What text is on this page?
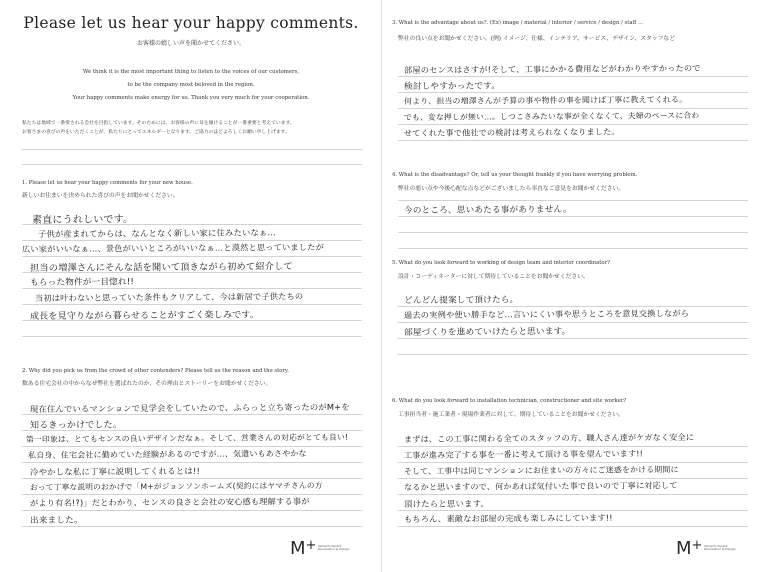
Please let us hear your happy comments.
お客様の嬉しい声を聞かせてください。
We think it is the most important thing to listen to the voices of our customers,
to be the company most beloved in the region.
Your happy comments make energy for us. Thank you very much for your cooperation.
私たちは地域で一番愛される会社を目指しています。そのためには、お客様の声に耳を傾けることが一番重要と考えています。
お客さまの喜びの声をいただくことが、私たちにとってエネルギーとなります。ご協力のほどよろしくお願い申し上げます。
1. Please let us hear your happy comments for your new house.
新しいお住まいを決められた喜びの声をお聞かせください。
素直にうれしいです。
子供が産まれてからは、なんとなく新しい家に住みたいなぁ…
広い家がいいなぁ…、景色がいいところがいいなぁ…と漠然と思っていましたが
担当の増澤さんにそんな話を聞いて頂きながら初めて紹介して
もらった物件が一目惚れ!!
当初は叶わないと思っていた条件もクリアして、今は新居で子供たちの
成長を見守りながら暮らせることがすごく楽しみです。
2. Why did you pick us from the crowd of other contenders? Please tell us the reason and the story.
数ある住宅会社の中からなぜ弊社を選ばれたのか、その理由とストーリーをお聞かせください。
現在住んでいるマンションで見学会をしていたので、ふらっと立ち寄ったのがM+を
知るきっかけでした。
第一印象は、とてもセンスの良いデザインだなぁ。そして、営業さんの対応がとても良い!
私自身、住宅会社に勤めていた経験があるのですが…、気遣いもあさやかな
冷やかしな私に丁寧に説明してくれるとは!!
おって丁寧な説明のおかげで「M+がジョンソンホームズ(契約にはヤマチさんの方
がより有名!?)」だとわかり、センスの良さと会社の安心感も理解する事が
出来ました。
M+ Yamachi Ascent
Renovation & Design
3. What is the advantage about us?. (Ex) image / material / interior / service / design / staff ...
弊社の良い点をお聞かせください。(例) イメージ、仕様、インテリア、サービス、デザイン、スタッフなど
部屋のセンスはさすが!そして、工事にかかる費用などがわかりやすかったので
検討しやすかったです。
何より、担当の増澤さんが予算の事や物件の事を聞けば丁寧に教えてくれる。
でも、変な押しが無い…。しつこさみたいな事が全くなくて、夫婦のペースに合わ
せてくれた事で他社での検討は考えられなくなりました。
4. What is the disadvantage? Or, tell us your thought frankly if you have worrying problem.
弊社の悪い点や今後心配な点などがございましたら率直なご意見をお聞かせください。
今のところ、思いあたる事がありません。
5. What do you look forward to working of design team and interior coordinator?
設計・コーディネーターに対して期待していることをお聞かせください。
どんどん提案して頂けたら。
過去の実例や使い勝手など…言いにくい事や思うところを意見交換しながら
部屋づくりを進めていけたらと思います。
6. What do you look forward to installation technician, constructioner and site worker?
工事担当者・施工業者・現場作業者に対して、期待していることをお聞かせください。
まずは、この工事に関わる全てのスタッフの方、職人さん達がケガなく安全に
工事が進み完了する事を一番に考えて頂ける事を望んでいます!!
そして、工事中は同じマンションにお住まいの方々にご迷惑をかける期間に
なるかと思いますので、何かあれば気付いた事で良いので丁寧に対応して
頂けたらと思います。
もちろん、素敵なお部屋の完成も楽しみにしています!!
M+ Yamachi Ascent
Renovation & Design
